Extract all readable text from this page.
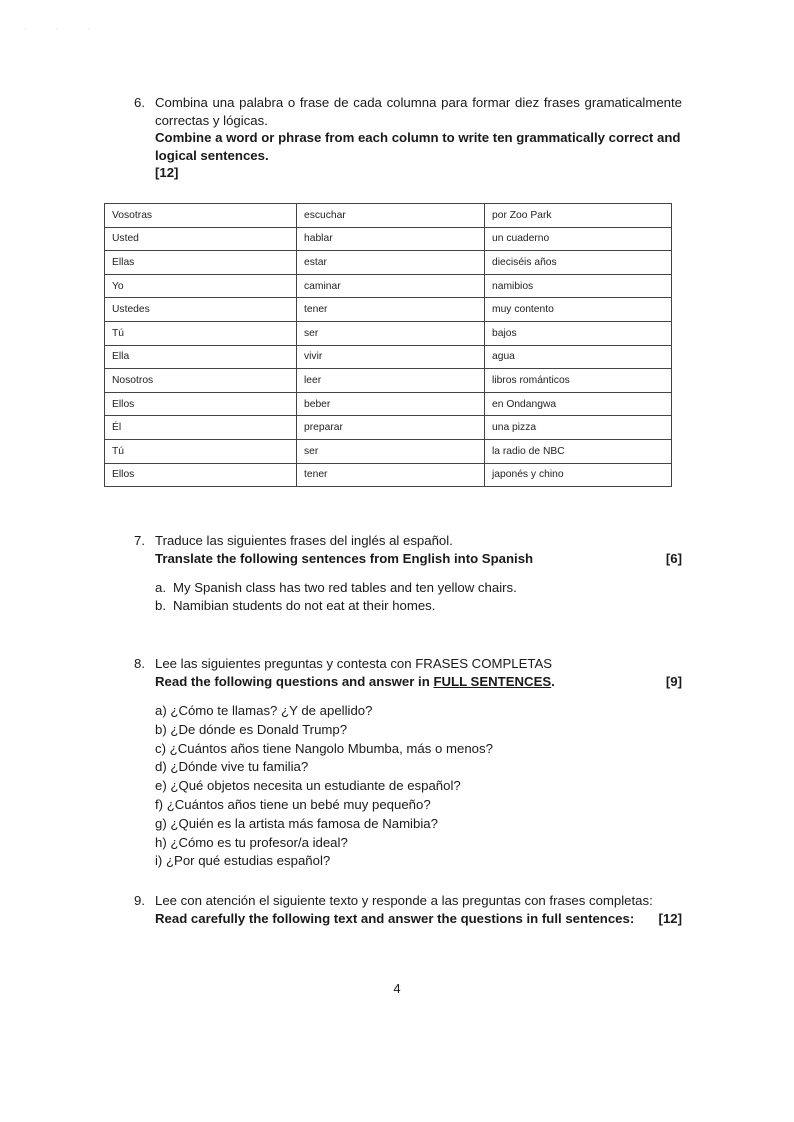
· · ·
6. Combina una palabra o frase de cada columna para formar diez frases gramaticalmente correctas y lógicas.
Combine a word or phrase from each column to write ten grammatically correct and logical sentences.
[12]
Vosotras	escuchar	por Zoo Park
Usted	hablar	un cuaderno
Ellas	estar	dieciséis años
Yo	caminar	namibios
Ustedes	tener	muy contento
Tú	ser	bajos
Ella	vivir	agua
Nosotros	leer	libros románticos
Ellos	beber	en Ondangwa
Él	preparar	una pizza
Tú	ser	la radio de NBC
Ellos	tener	japonés y chino
7. Traduce las siguientes frases del inglés al español.
Translate the following sentences from English into Spanish	[6]
a. My Spanish class has two red tables and ten yellow chairs.
b. Namibian students do not eat at their homes.
8. Lee las siguientes preguntas y contesta con FRASES COMPLETAS
Read the following questions and answer in FULL SENTENCES.	[9]
a) ¿Cómo te llamas? ¿Y de apellido?
b) ¿De dónde es Donald Trump?
c) ¿Cuántos años tiene Nangolo Mbumba, más o menos?
d) ¿Dónde vive tu familia?
e) ¿Qué objetos necesita un estudiante de español?
f) ¿Cuántos años tiene un bebé muy pequeño?
g) ¿Quién es la artista más famosa de Namibia?
h) ¿Cómo es tu profesor/a ideal?
i) ¿Por qué estudias español?
9. Lee con atención el siguiente texto y responde a las preguntas con frases completas:
Read carefully the following text and answer the questions in full sentences: [12]
4
